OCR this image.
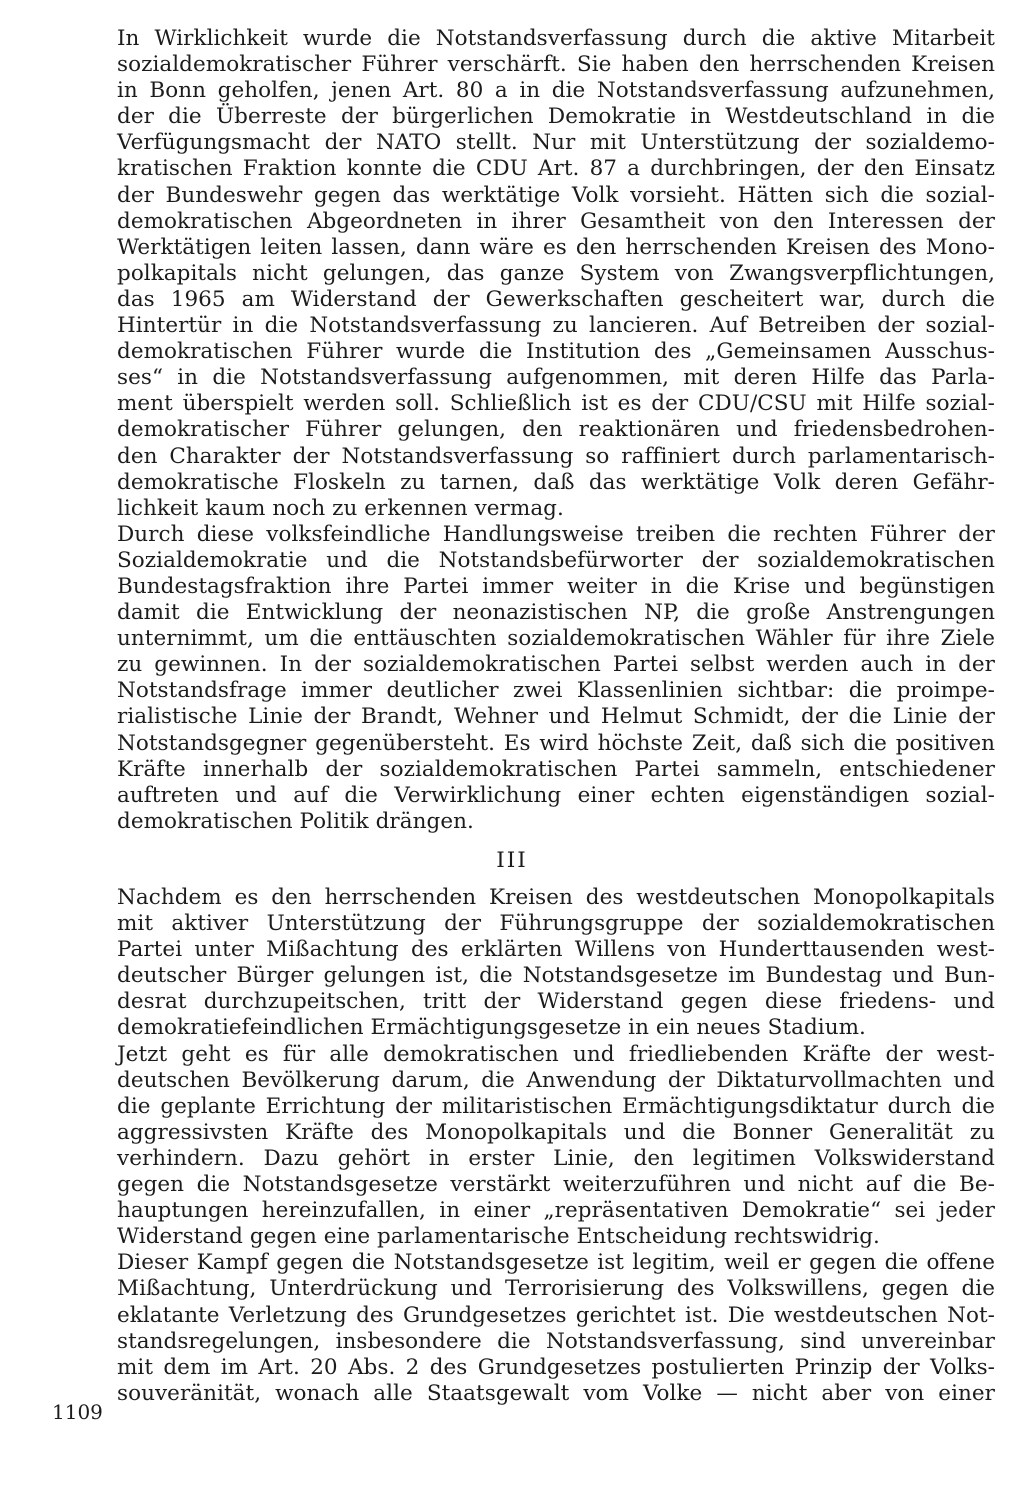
In Wirklichkeit wurde die Notstandsverfassung durch die aktive Mitarbeit
sozialdemokratischer Führer verschärft. Sie haben den herrschenden Kreisen
in Bonn geholfen, jenen Art. 80 a in die Notstandsverfassung aufzunehmen,
der die Überreste der bürgerlichen Demokratie in Westdeutschland in die
Verfügungsmacht der NATO stellt. Nur mit Unterstützung der sozialdemo-
kratischen Fraktion konnte die CDU Art. 87 a durchbringen, der den Einsatz
der Bundeswehr gegen das werktätige Volk vorsieht. Hätten sich die sozial-
demokratischen Abgeordneten in ihrer Gesamtheit von den Interessen der
Werktätigen leiten lassen, dann wäre es den herrschenden Kreisen des Mono-
polkapitals nicht gelungen, das ganze System von Zwangsverpflichtungen,
das 1965 am Widerstand der Gewerkschaften gescheitert war, durch die
Hintertür in die Notstandsverfassung zu lancieren. Auf Betreiben der sozial-
demokratischen Führer wurde die Institution des „Gemeinsamen Ausschus-
ses“ in die Notstandsverfassung aufgenommen, mit deren Hilfe das Parla-
ment überspielt werden soll. Schließlich ist es der CDU/CSU mit Hilfe sozial-
demokratischer Führer gelungen, den reaktionären und friedensbedrohen-
den Charakter der Notstandsverfassung so raffiniert durch parlamentarisch-
demokratische Floskeln zu tarnen, daß das werktätige Volk deren Gefähr-
lichkeit kaum noch zu erkennen vermag.
Durch diese volksfeindliche Handlungsweise treiben die rechten Führer der
Sozialdemokratie und die Notstandsbefürworter der sozialdemokratischen
Bundestagsfraktion ihre Partei immer weiter in die Krise und begünstigen
damit die Entwicklung der neonazistischen NP, die große Anstrengungen
unternimmt, um die enttäuschten sozialdemokratischen Wähler für ihre Ziele
zu gewinnen. In der sozialdemokratischen Partei selbst werden auch in der
Notstandsfrage immer deutlicher zwei Klassenlinien sichtbar: die proimpe-
rialistische Linie der Brandt, Wehner und Helmut Schmidt, der die Linie der
Notstandsgegner gegenübersteht. Es wird höchste Zeit, daß sich die positiven
Kräfte innerhalb der sozialdemokratischen Partei sammeln, entschiedener
auftreten und auf die Verwirklichung einer echten eigenständigen sozial-
demokratischen Politik drängen.
III
Nachdem es den herrschenden Kreisen des westdeutschen Monopolkapitals
mit aktiver Unterstützung der Führungsgruppe der sozialdemokratischen
Partei unter Mißachtung des erklärten Willens von Hunderttausenden west-
deutscher Bürger gelungen ist, die Notstandsgesetze im Bundestag und Bun-
desrat durchzupeitschen, tritt der Widerstand gegen diese friedens- und
demokratiefeindlichen Ermächtigungsgesetze in ein neues Stadium.
Jetzt geht es für alle demokratischen und friedliebenden Kräfte der west-
deutschen Bevölkerung darum, die Anwendung der Diktaturvollmachten und
die geplante Errichtung der militaristischen Ermächtigungsdiktatur durch die
aggressivsten Kräfte des Monopolkapitals und die Bonner Generalität zu
verhindern. Dazu gehört in erster Linie, den legitimen Volkswiderstand
gegen die Notstandsgesetze verstärkt weiterzuführen und nicht auf die Be-
hauptungen hereinzufallen, in einer „repräsentativen Demokratie“ sei jeder
Widerstand gegen eine parlamentarische Entscheidung rechtswidrig.
Dieser Kampf gegen die Notstandsgesetze ist legitim, weil er gegen die offene
Mißachtung, Unterdrückung und Terrorisierung des Volkswillens, gegen die
eklatante Verletzung des Grundgesetzes gerichtet ist. Die westdeutschen Not-
standsregelungen, insbesondere die Notstandsverfassung, sind unvereinbar
mit dem im Art. 20 Abs. 2 des Grundgesetzes postulierten Prinzip der Volks-
souveränität, wonach alle Staatsgewalt vom Volke — nicht aber von einer
1109
